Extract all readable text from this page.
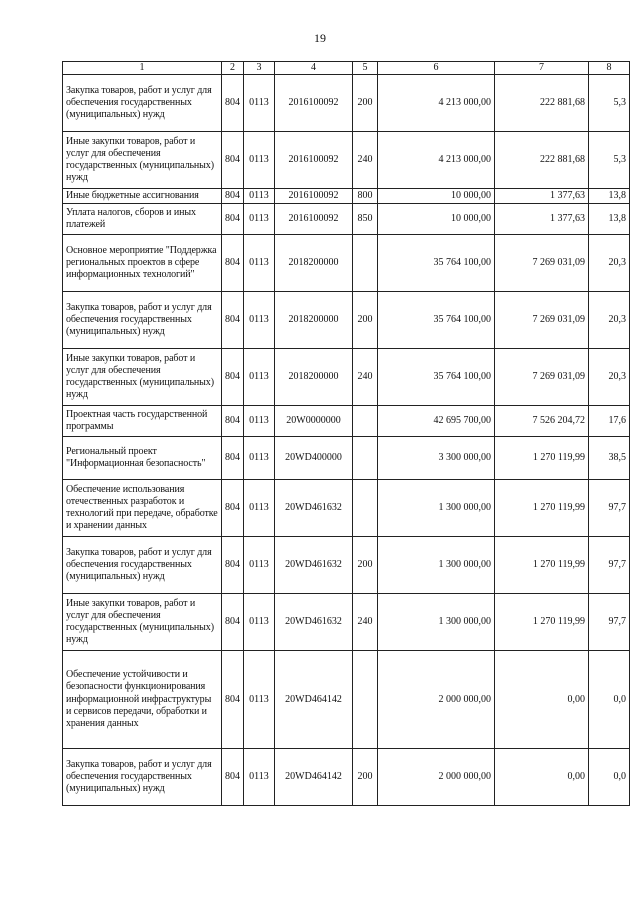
19
1	2	3	4	5	6	7	8
Закупка товаров, работ и услуг для обеспечения государственных (муниципальных) нужд	804	0113	2016100092	200	4 213 000,00	222 881,68	5,3
Иные закупки товаров, работ и услуг для обеспечения государственных (муниципальных) нужд	804	0113	2016100092	240	4 213 000,00	222 881,68	5,3
Иные бюджетные ассигнования	804	0113	2016100092	800	10 000,00	1 377,63	13,8
Уплата налогов, сборов и иных платежей	804	0113	2016100092	850	10 000,00	1 377,63	13,8
Основное мероприятие "Поддержка региональных проектов в сфере информационных технологий"	804	0113	2018200000		35 764 100,00	7 269 031,09	20,3
Закупка товаров, работ и услуг для обеспечения государственных (муниципальных) нужд	804	0113	2018200000	200	35 764 100,00	7 269 031,09	20,3
Иные закупки товаров, работ и услуг для обеспечения государственных (муниципальных) нужд	804	0113	2018200000	240	35 764 100,00	7 269 031,09	20,3
Проектная часть государственной программы	804	0113	20W0000000		42 695 700,00	7 526 204,72	17,6
Региональный проект "Информационная безопасность"	804	0113	20WD400000		3 300 000,00	1 270 119,99	38,5
Обеспечение использования отечественных разработок и технологий при передаче, обработке и хранении данных	804	0113	20WD461632		1 300 000,00	1 270 119,99	97,7
Закупка товаров, работ и услуг для обеспечения государственных (муниципальных) нужд	804	0113	20WD461632	200	1 300 000,00	1 270 119,99	97,7
Иные закупки товаров, работ и услуг для обеспечения государственных (муниципальных) нужд	804	0113	20WD461632	240	1 300 000,00	1 270 119,99	97,7
Обеспечение устойчивости и безопасности функционирования информационной инфраструктуры и сервисов передачи, обработки и хранения данных	804	0113	20WD464142		2 000 000,00	0,00	0,0
Закупка товаров, работ и услуг для обеспечения государственных (муниципальных) нужд	804	0113	20WD464142	200	2 000 000,00	0,00	0,0
